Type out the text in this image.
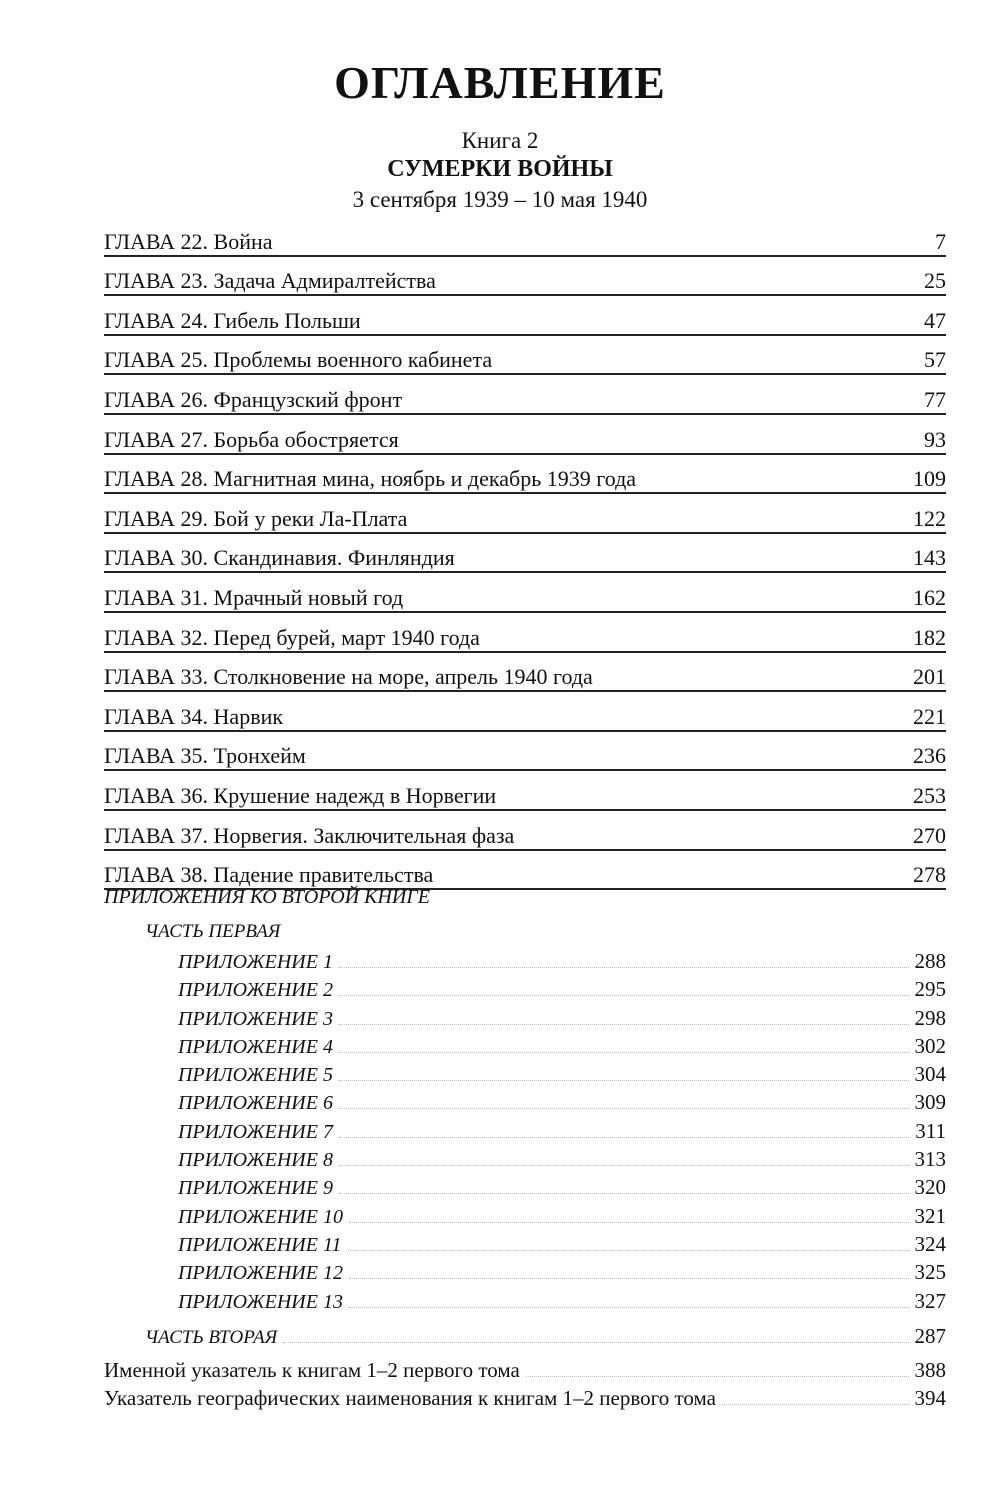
ОГЛАВЛЕНИЕ
Книга 2
СУМЕРКИ ВОЙНЫ
3 сентября 1939 – 10 мая 1940
ГЛАВА 22. Война	7
ГЛАВА 23. Задача Адмиралтейства	25
ГЛАВА 24. Гибель Польши	47
ГЛАВА 25. Проблемы военного кабинета	57
ГЛАВА 26. Французский фронт	77
ГЛАВА 27. Борьба обостряется	93
ГЛАВА 28. Магнитная мина, ноябрь и декабрь 1939 года	109
ГЛАВА 29. Бой у реки Ла-Плата	122
ГЛАВА 30. Скандинавия. Финляндия	143
ГЛАВА 31. Мрачный новый год	162
ГЛАВА 32. Перед бурей, март 1940 года	182
ГЛАВА 33. Столкновение на море, апрель 1940 года	201
ГЛАВА 34. Нарвик	221
ГЛАВА 35. Тронхейм	236
ГЛАВА 36. Крушение надежд в Норвегии	253
ГЛАВА 37. Норвегия. Заключительная фаза	270
ГЛАВА 38. Падение правительства	278
ПРИЛОЖЕНИЯ КО ВТОРОЙ КНИГЕ
ЧАСТЬ ПЕРВАЯ
ПРИЛОЖЕНИЕ 1	288
ПРИЛОЖЕНИЕ 2	295
ПРИЛОЖЕНИЕ 3	298
ПРИЛОЖЕНИЕ 4	302
ПРИЛОЖЕНИЕ 5	304
ПРИЛОЖЕНИЕ 6	309
ПРИЛОЖЕНИЕ 7	311
ПРИЛОЖЕНИЕ 8	313
ПРИЛОЖЕНИЕ 9	320
ПРИЛОЖЕНИЕ 10	321
ПРИЛОЖЕНИЕ 11	324
ПРИЛОЖЕНИЕ 12	325
ПРИЛОЖЕНИЕ 13	327
ЧАСТЬ ВТОРАЯ	287
Именной указатель к книгам 1–2 первого тома	388
Указатель географических наименования к книгам 1–2 первого тома	394
